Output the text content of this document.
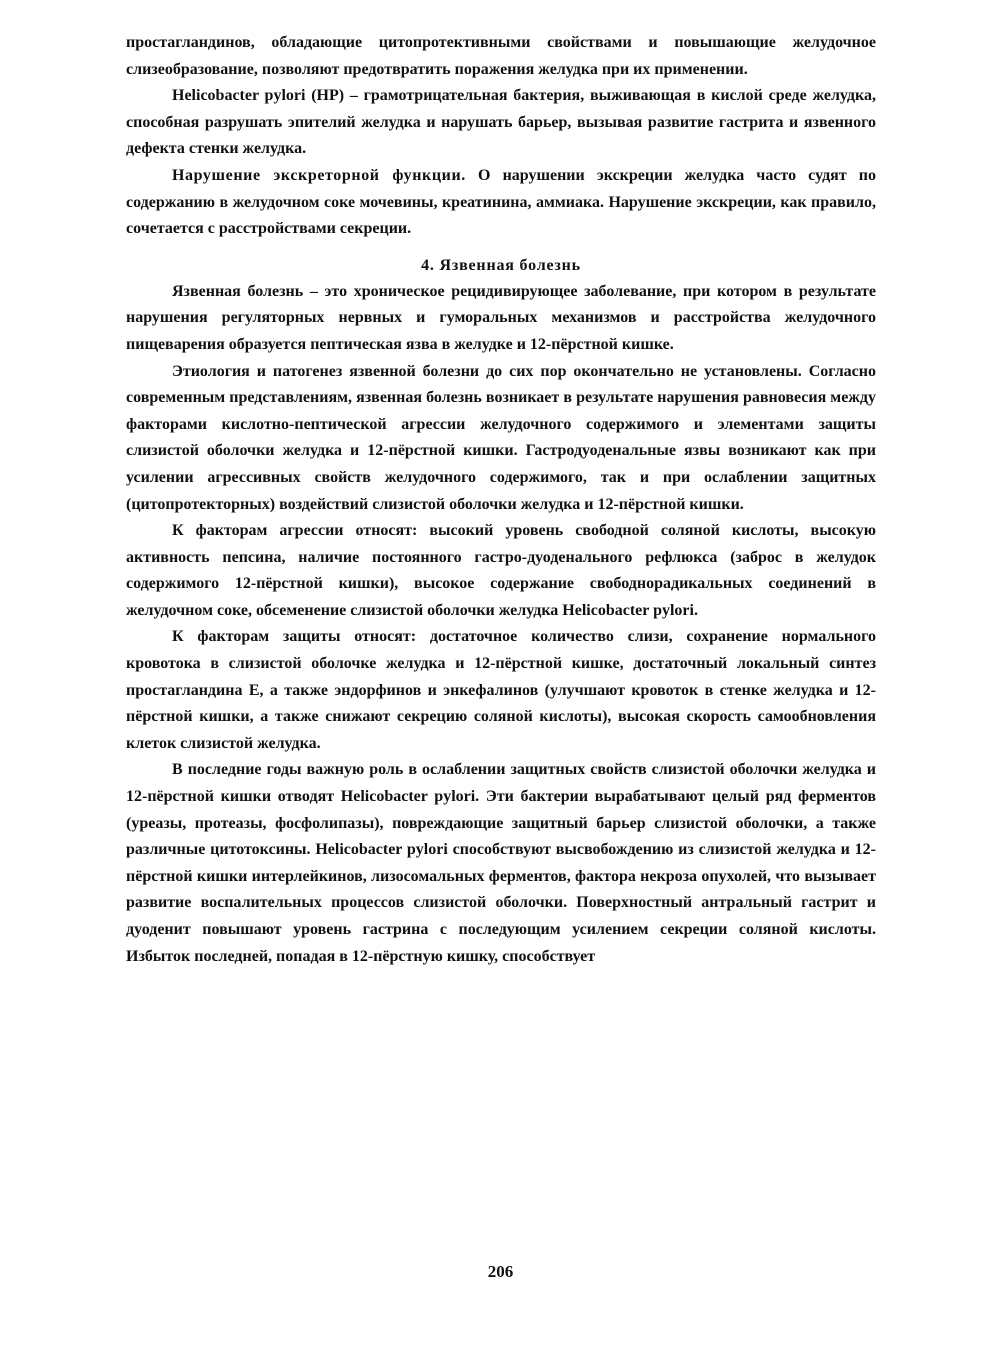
простагландинов, обладающие цитопротективными свойствами и повышающие желудочное слизеобразование, позволяют предотвратить поражения желудка при их применении.

Helicobacter pylori (HP) – грамотрицательная бактерия, выживающая в кислой среде желудка, способная разрушать эпителий желудка и нарушать барьер, вызывая развитие гастрита и язвенного дефекта стенки желудка.

Нарушение экскреторной функции. О нарушении экскреции желудка часто судят по содержанию в желудочном соке мочевины, креатинина, аммиака. Нарушение экскреции, как правило, сочетается с расстройствами секреции.

4. Язвенная болезнь

Язвенная болезнь – это хроническое рецидивирующее заболевание, при котором в результате нарушения регуляторных нервных и гуморальных механизмов и расстройства желудочного пищеварения образуется пептическая язва в желудке и 12-пёрстной кишке.

Этиология и патогенез язвенной болезни до сих пор окончательно не установлены. Согласно современным представлениям, язвенная болезнь возникает в результате нарушения равновесия между факторами кислотно-пептической агрессии желудочного содержимого и элементами защиты слизистой оболочки желудка и 12-пёрстной кишки. Гастродуоденальные язвы возникают как при усилении агрессивных свойств желудочного содержимого, так и при ослаблении защитных (цитопротекторных) воздействий слизистой оболочки желудка и 12-пёрстной кишки.

К факторам агрессии относят: высокий уровень свободной соляной кислоты, высокую активность пепсина, наличие постоянного гастро-дуоденального рефлюкса (заброс в желудок содержимого 12-пёрстной кишки), высокое содержание свободнорадикальных соединений в желудочном соке, обсеменение слизистой оболочки желудка Helicobacter pylori.

К факторам защиты относят: достаточное количество слизи, сохранение нормального кровотока в слизистой оболочке желудка и 12-пёрстной кишке, достаточный локальный синтез простагландина Е, а также эндорфинов и энкефалинов (улучшают кровоток в стенке желудка и 12-пёрстной кишки, а также снижают секрецию соляной кислоты), высокая скорость самообновления клеток слизистой желудка.

В последние годы важную роль в ослаблении защитных свойств слизистой оболочки желудка и 12-пёрстной кишки отводят Helicobacter pylori. Эти бактерии вырабатывают целый ряд ферментов (уреазы, протеазы, фосфолипазы), повреждающие защитный барьер слизистой оболочки, а также различные цитотоксины. Helicobacter pylori способствуют высвобождению из слизистой желудка и 12-пёрстной кишки интерлейкинов, лизосомальных ферментов, фактора некроза опухолей, что вызывает развитие воспалительных процессов слизистой оболочки. Поверхностный антральный гастрит и дуоденит повышают уровень гастрина с последующим усилением секреции соляной кислоты. Избыток последней, попадая в 12-пёрстную кишку, способствует

206
